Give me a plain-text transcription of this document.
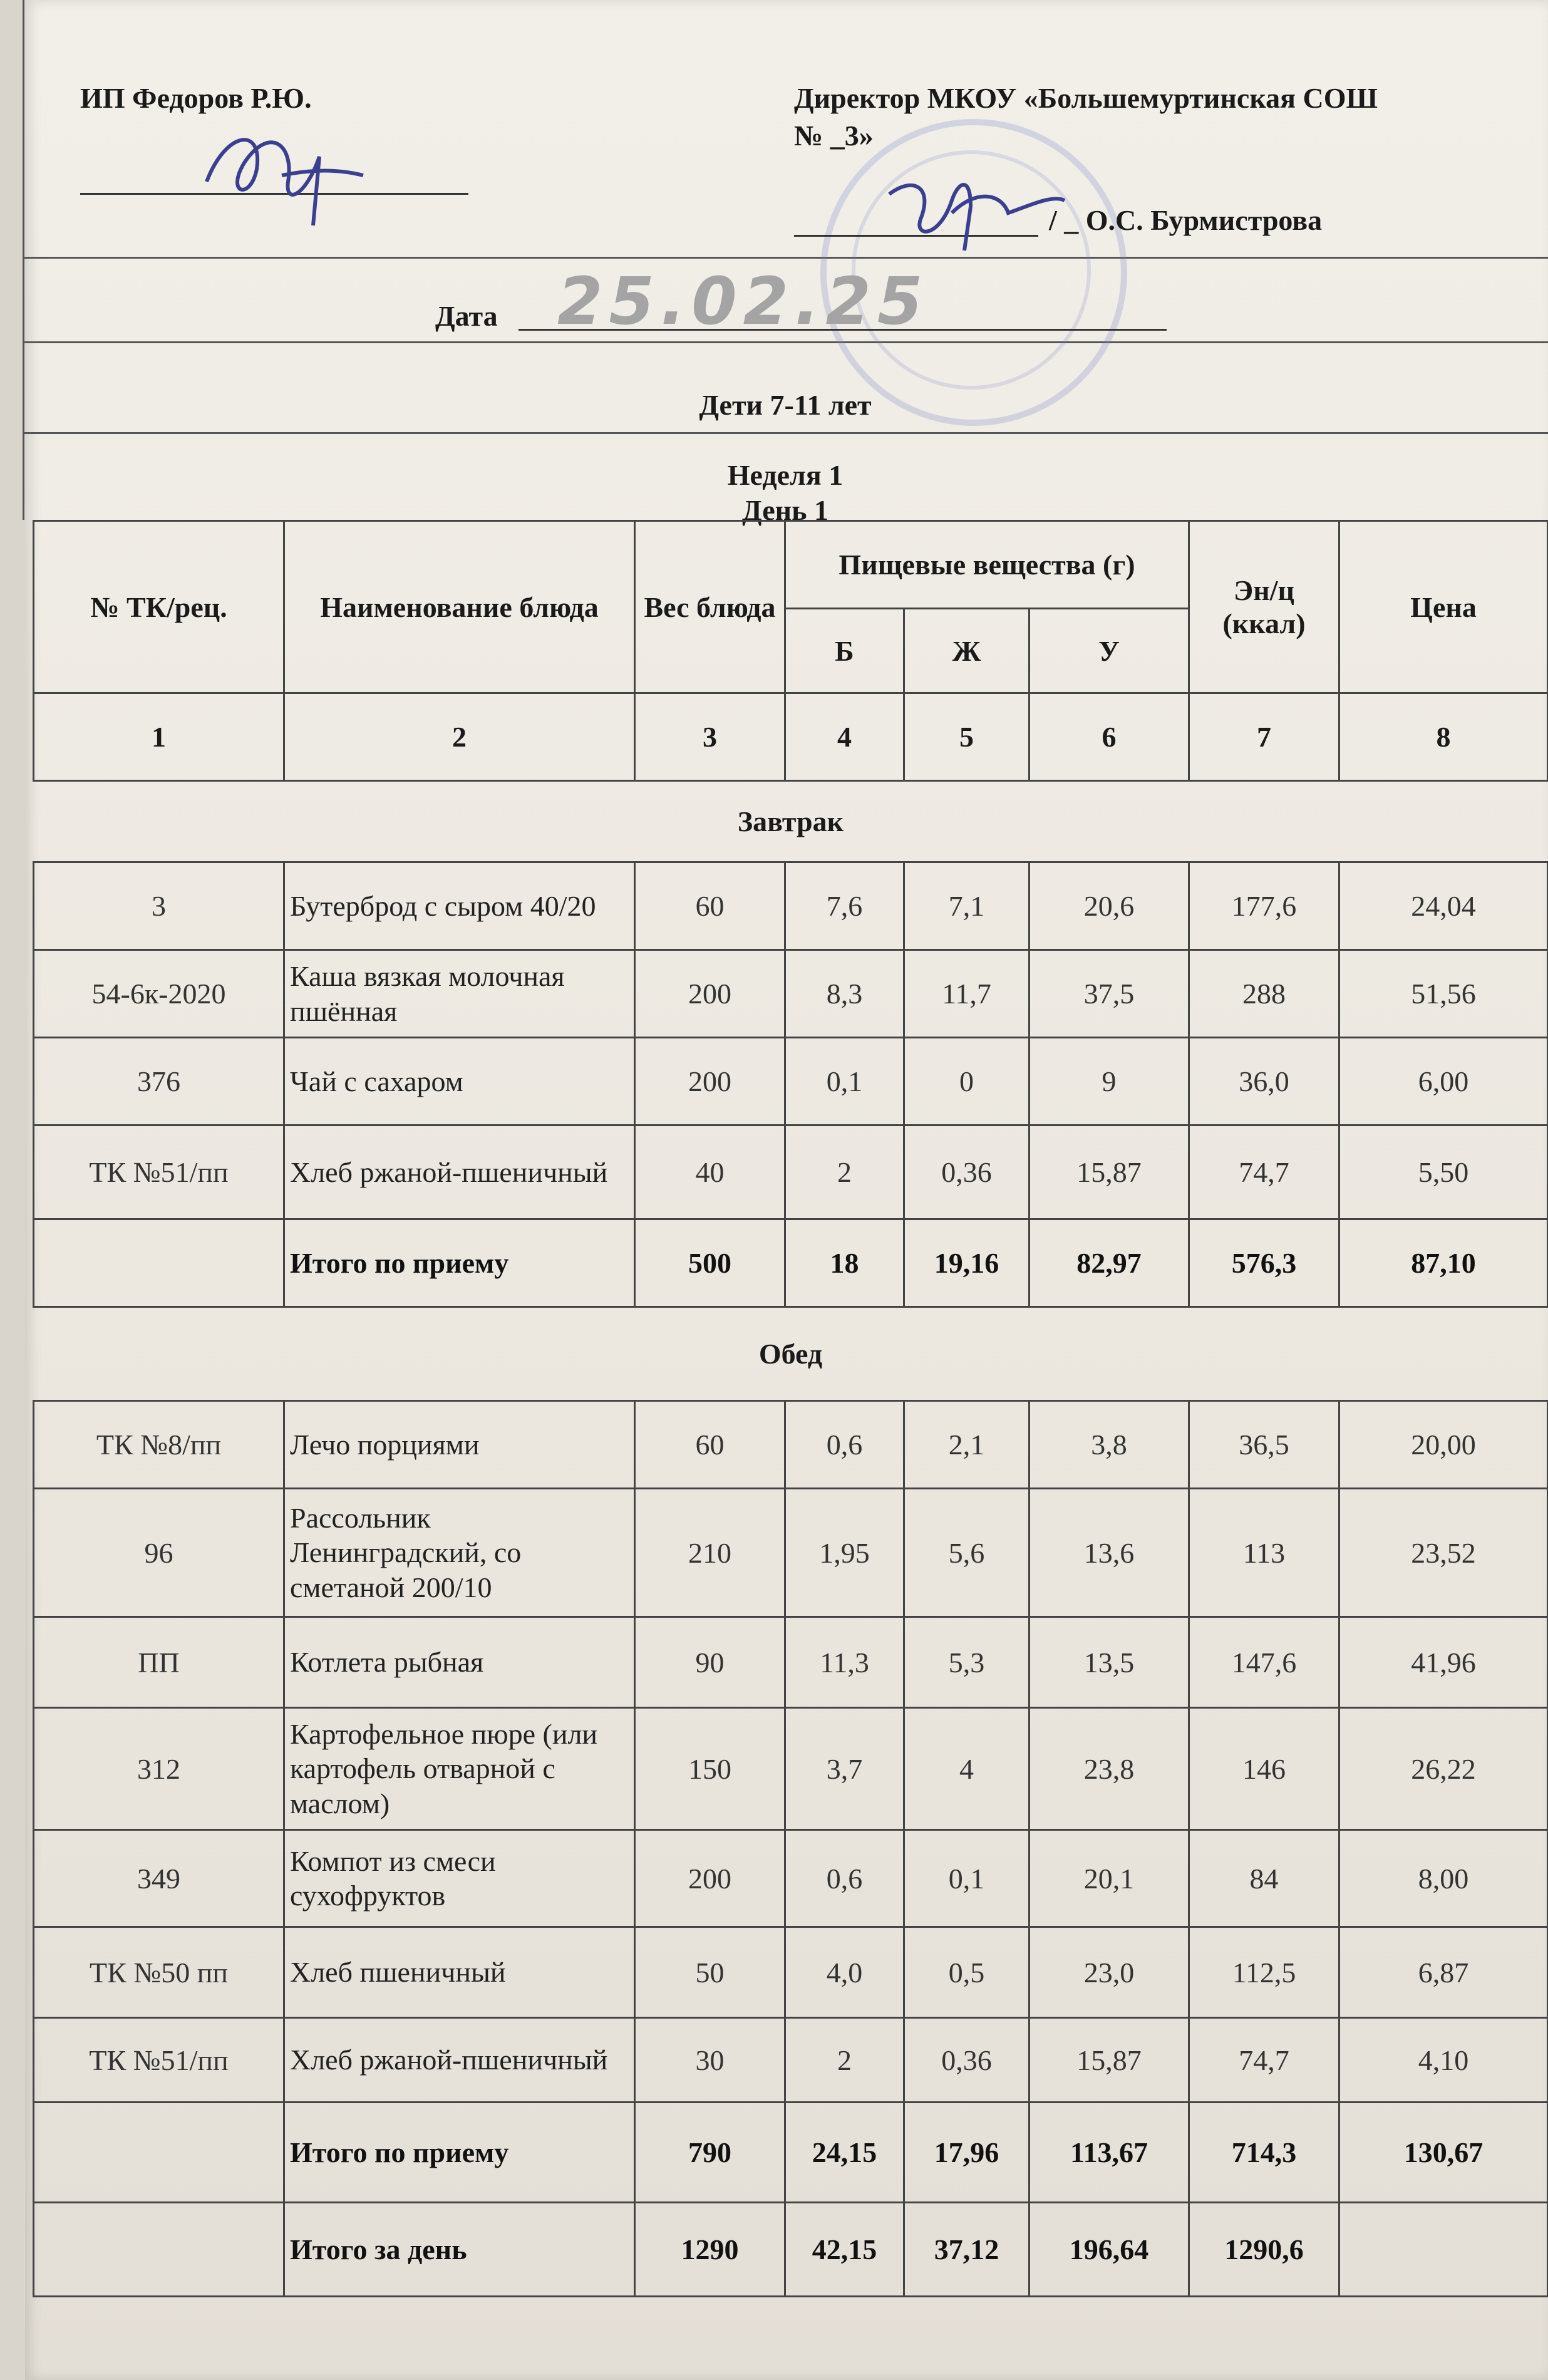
ИП Федоров Р.Ю.	Директор МКОУ «Большемуртинская СОШ
№ _3»
/ _ О.С. Бурмистрова
Дата 25.02.25
Дети 7-11 лет
Неделя 1
День 1
№ ТК/рец.	Наименование блюда	Вес блюда	Пищевые вещества (г)			Эн/ц (ккал)	Цена
			Б	Ж	У		
1	2	3	4	5	6	7	8
Завтрак							
3	Бутерброд с сыром 40/20	60	7,6	7,1	20,6	177,6	24,04
54-6к-2020	Каша вязкая молочная пшённая	200	8,3	11,7	37,5	288	51,56
376	Чай с сахаром	200	0,1	0	9	36,0	6,00
ТК №51/пп	Хлеб ржаной-пшеничный	40	2	0,36	15,87	74,7	5,50
	Итого по приему	500	18	19,16	82,97	576,3	87,10
Обед							
ТК №8/пп	Лечо порциями	60	0,6	2,1	3,8	36,5	20,00
96	Рассольник Ленинградский, со сметаной 200/10	210	1,95	5,6	13,6	113	23,52
ПП	Котлета рыбная	90	11,3	5,3	13,5	147,6	41,96
312	Картофельное пюре (или картофель отварной с маслом)	150	3,7	4	23,8	146	26,22
349	Компот из смеси сухофруктов	200	0,6	0,1	20,1	84	8,00
ТК №50 пп	Хлеб пшеничный	50	4,0	0,5	23,0	112,5	6,87
ТК №51/пп	Хлеб ржаной-пшеничный	30	2	0,36	15,87	74,7	4,10
	Итого по приему	790	24,15	17,96	113,67	714,3	130,67
	Итого за день	1290	42,15	37,12	196,64	1290,6	
